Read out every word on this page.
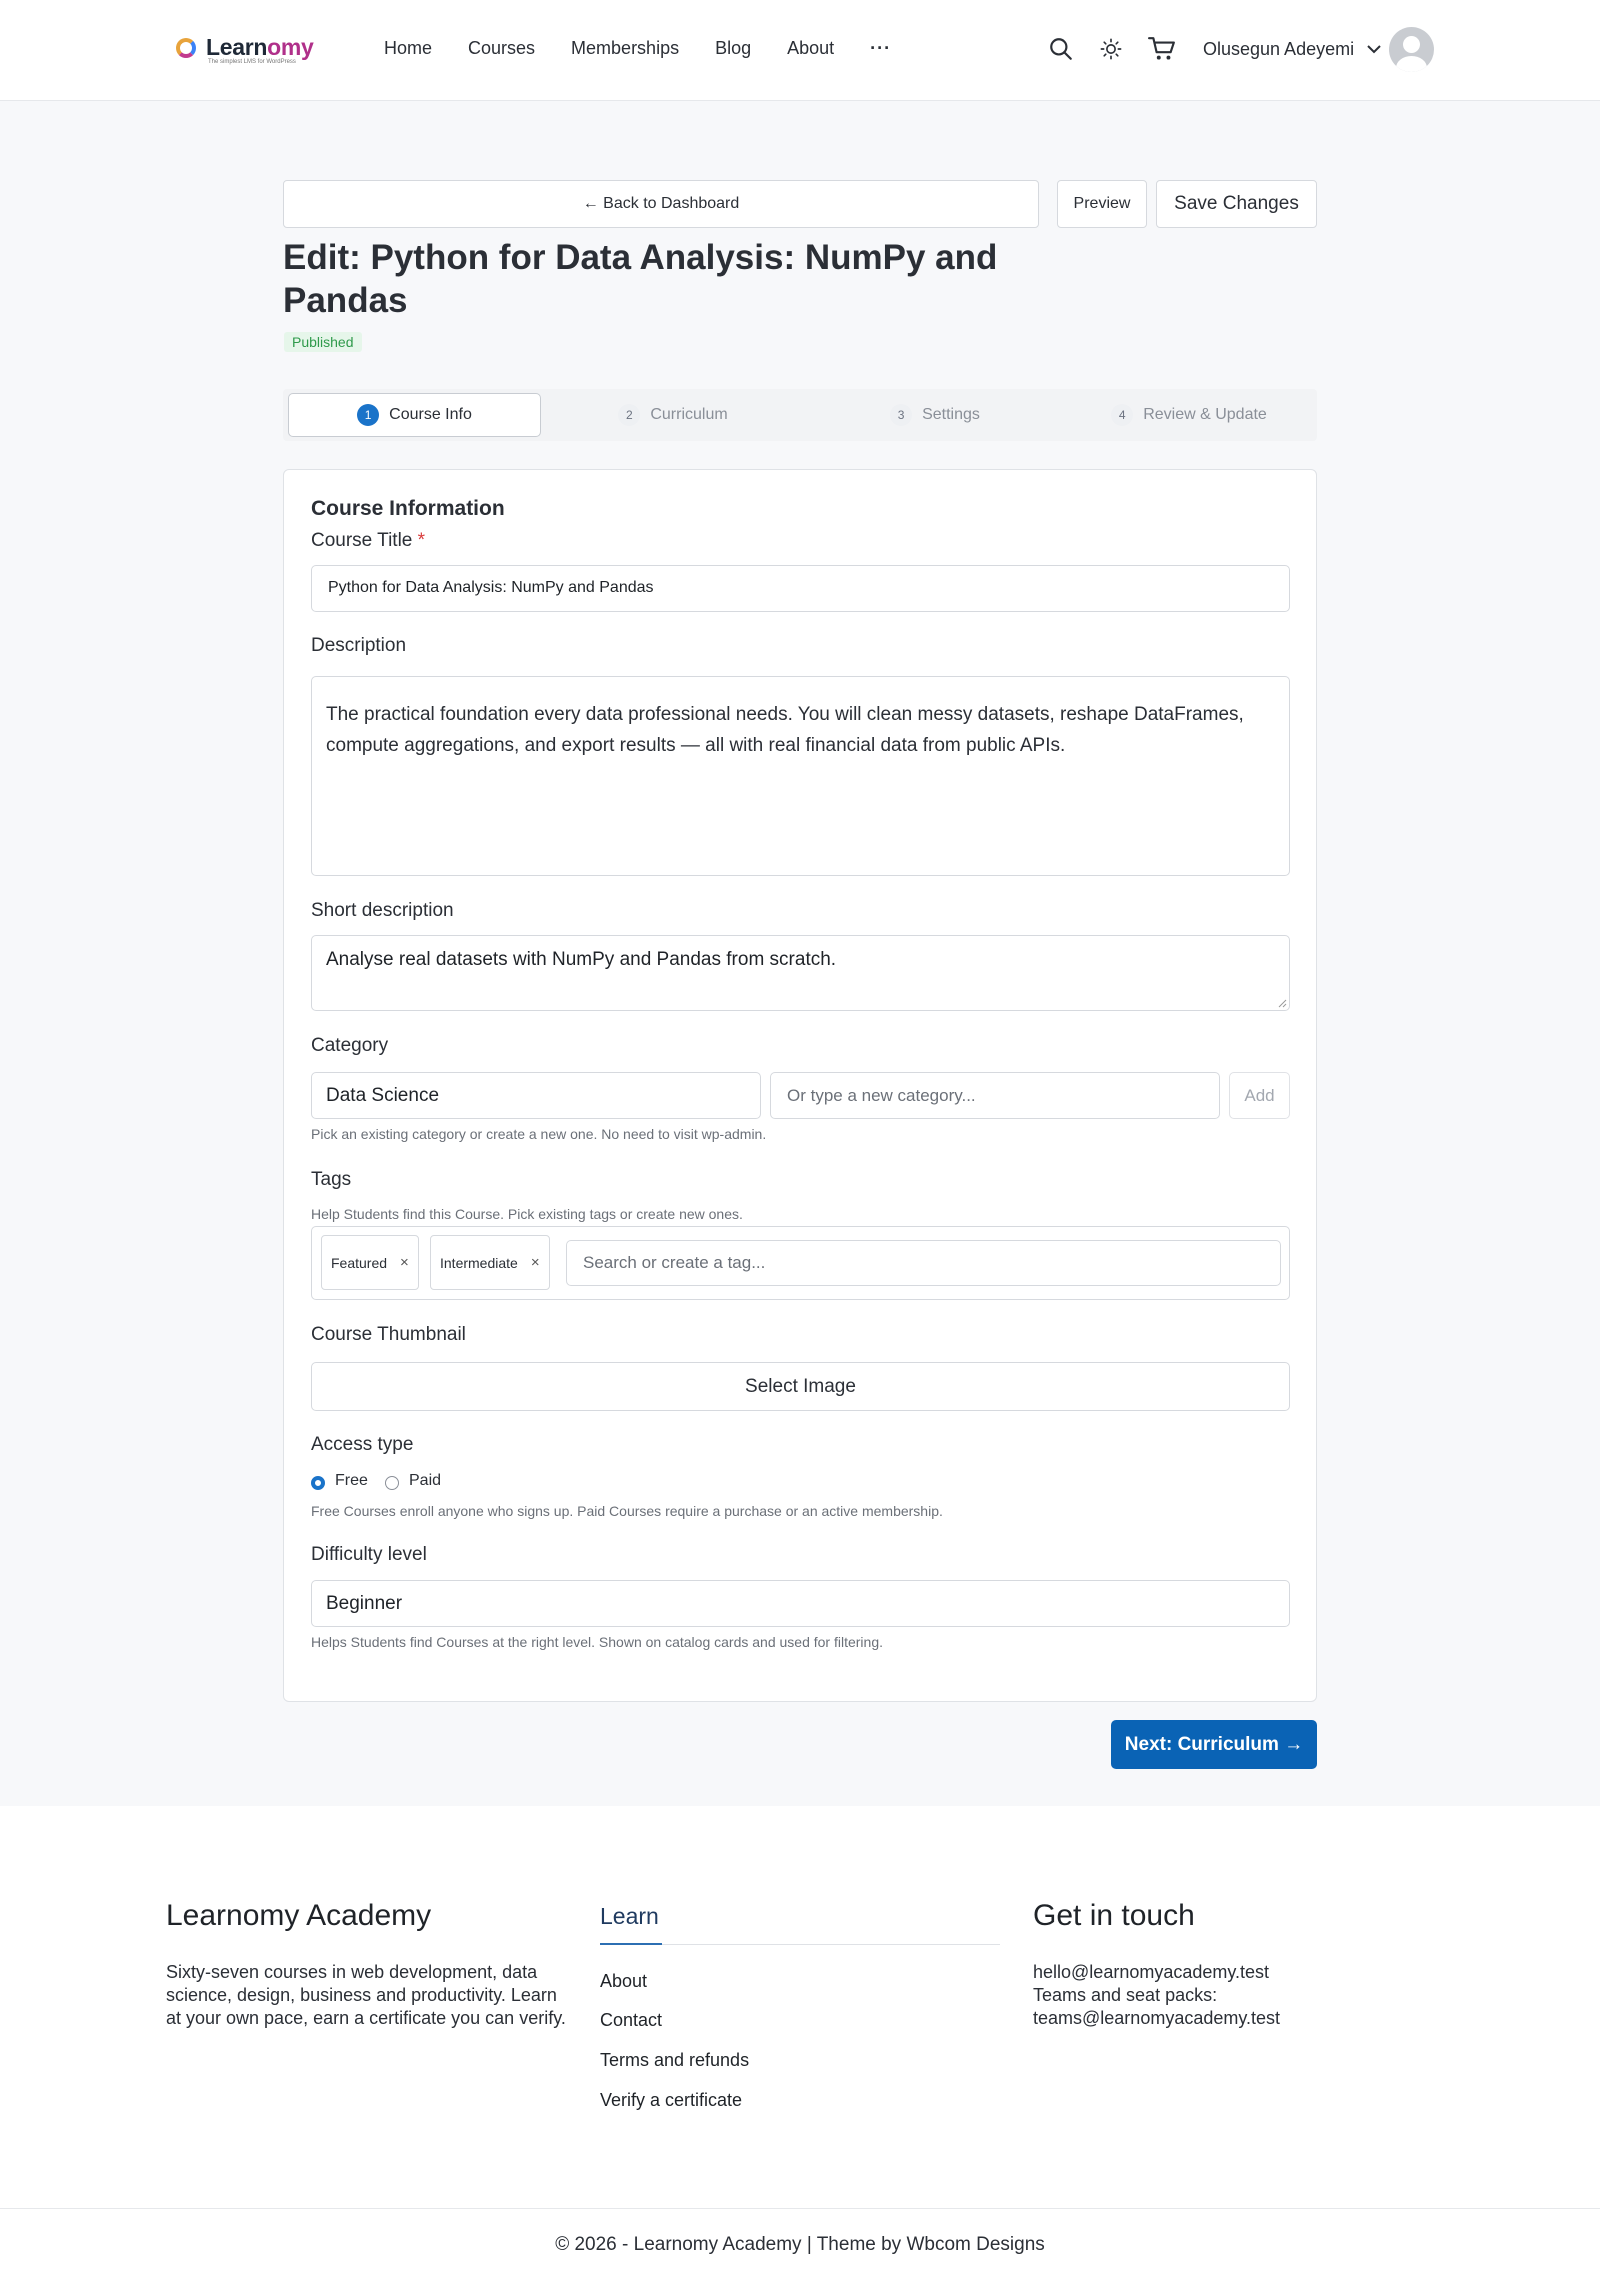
Learnomy
The simplest LMS for WordPress
Home Courses Memberships Blog About ···	Olusegun Adeyemi
← Back to Dashboard	Preview	Save Changes
Edit: Python for Data Analysis: NumPy and Pandas
Published
1	Course Info	2	Curriculum	3	Settings	4	Review & Update
Course Information
Course Title *
Python for Data Analysis: NumPy and Pandas
Description
The practical foundation every data professional needs. You will clean messy datasets, reshape DataFrames, compute aggregations, and export results — all with real financial data from public APIs.
Short description
Analyse real datasets with NumPy and Pandas from scratch.
Category
Data Science	Or type a new category...	Add
Pick an existing category or create a new one. No need to visit wp-admin.
Tags
Help Students find this Course. Pick existing tags or create new ones.
Featured × Intermediate ×	Search or create a tag...
Course Thumbnail
Select Image
Access type
Free	Paid
Free Courses enroll anyone who signs up. Paid Courses require a purchase or an active membership.
Difficulty level
Beginner
Helps Students find Courses at the right level. Shown on catalog cards and used for filtering.
Next: Curriculum →
Learnomy Academy
Sixty-seven courses in web development, data science, design, business and productivity. Learn at your own pace, earn a certificate you can verify.
Learn
About
Contact
Terms and refunds
Verify a certificate
Get in touch
hello@learnomyacademy.test
Teams and seat packs:
teams@learnomyacademy.test
© 2026 - Learnomy Academy | Theme by Wbcom Designs
